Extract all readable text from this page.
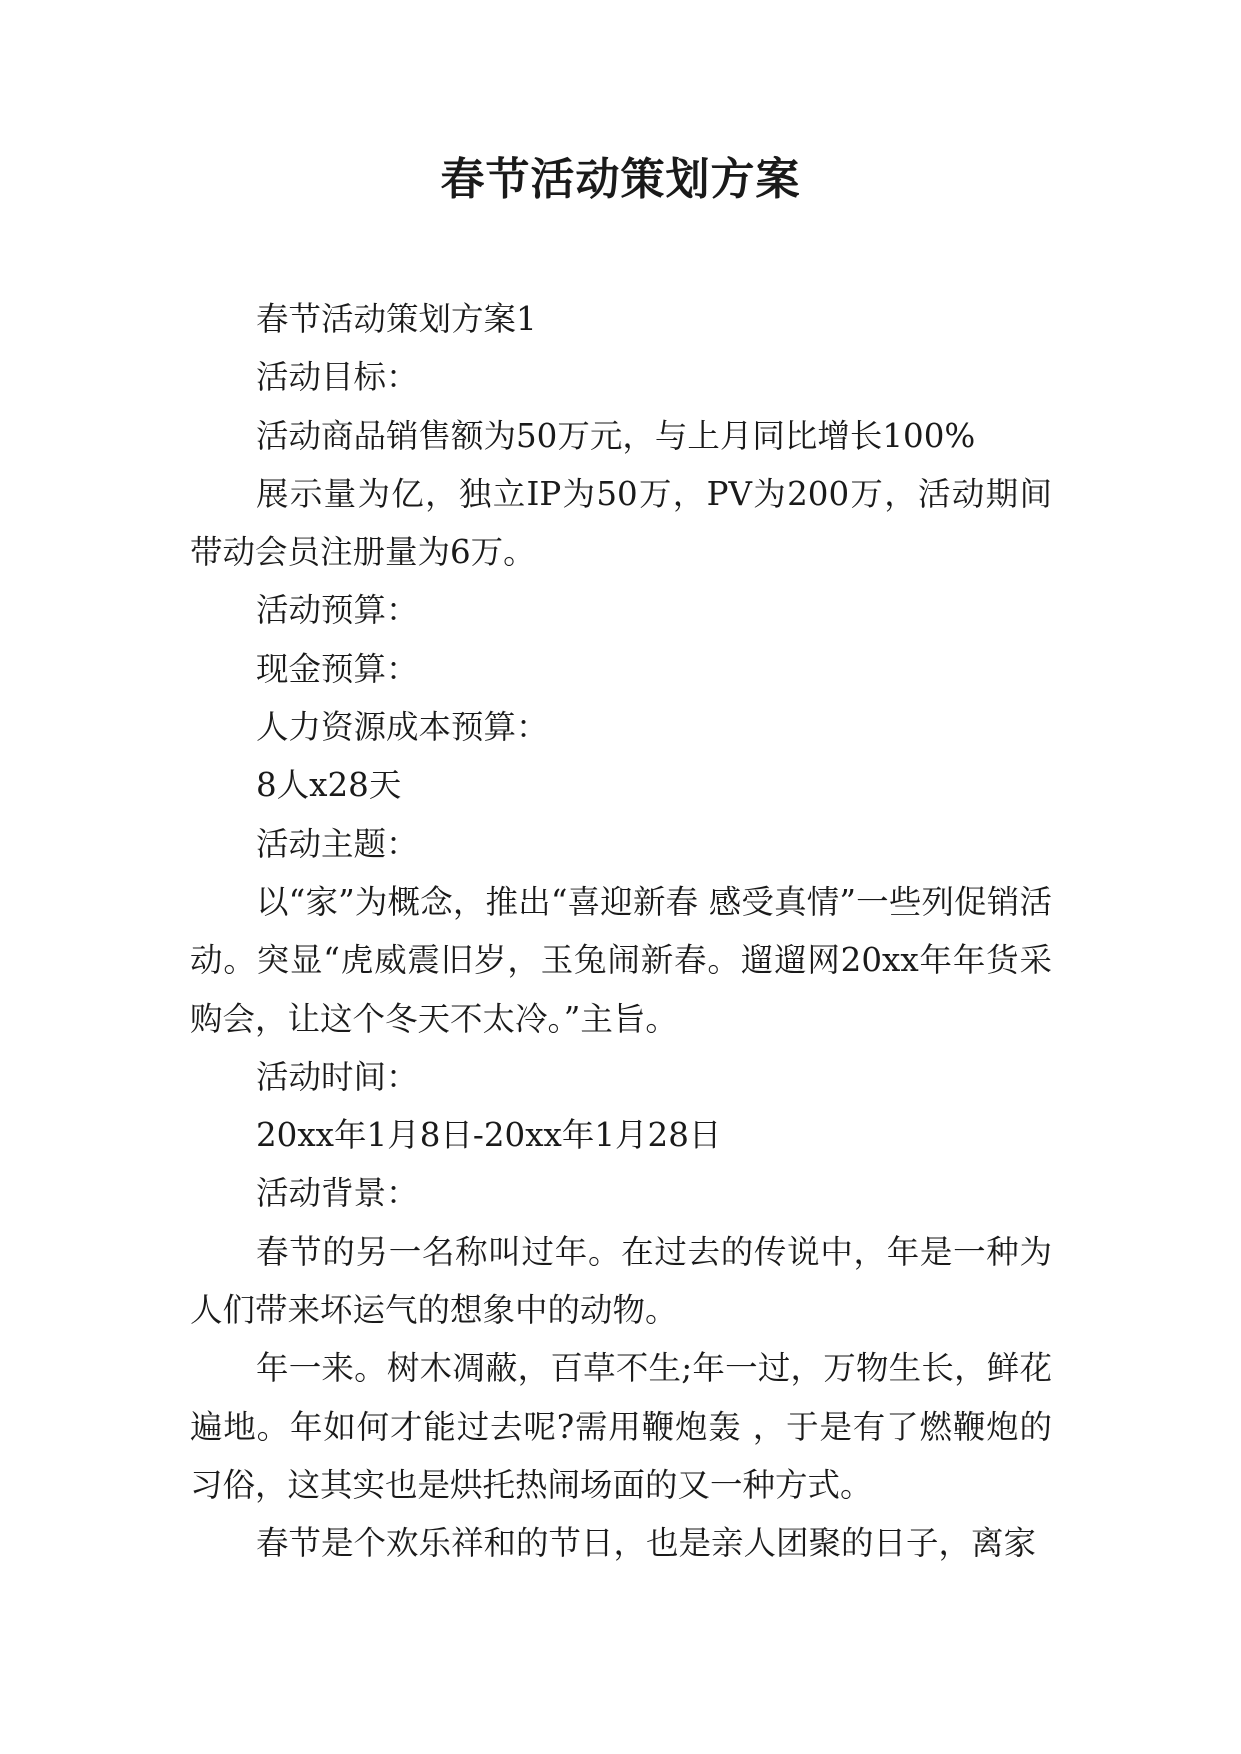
春节活动策划方案

春节活动策划方案1

活动目标：

活动商品销售额为50万元，与上月同比增长100%

展示量为亿，独立IP为50万，PV为200万，活动期间带动会员注册量为6万。

活动预算：

现金预算：

人力资源成本预算：

8人x28天

活动主题：

以“家”为概念，推出“喜迎新春 感受真情”一些列促销活动。突显“虎威震旧岁，玉兔闹新春。遛遛网20xx年年货采购会，让这个冬天不太冷。”主旨。

活动时间：

20xx年1月8日-20xx年1月28日

活动背景：

春节的另一名称叫过年。在过去的传说中，年是一种为人们带来坏运气的想象中的动物。

年一来。树木凋蔽，百草不生;年一过，万物生长，鲜花遍地。年如何才能过去呢?需用鞭炮轰 ，于是有了燃鞭炮的习俗，这其实也是烘托热闹场面的又一种方式。

春节是个欢乐祥和的节日，也是亲人团聚的日子，离家
